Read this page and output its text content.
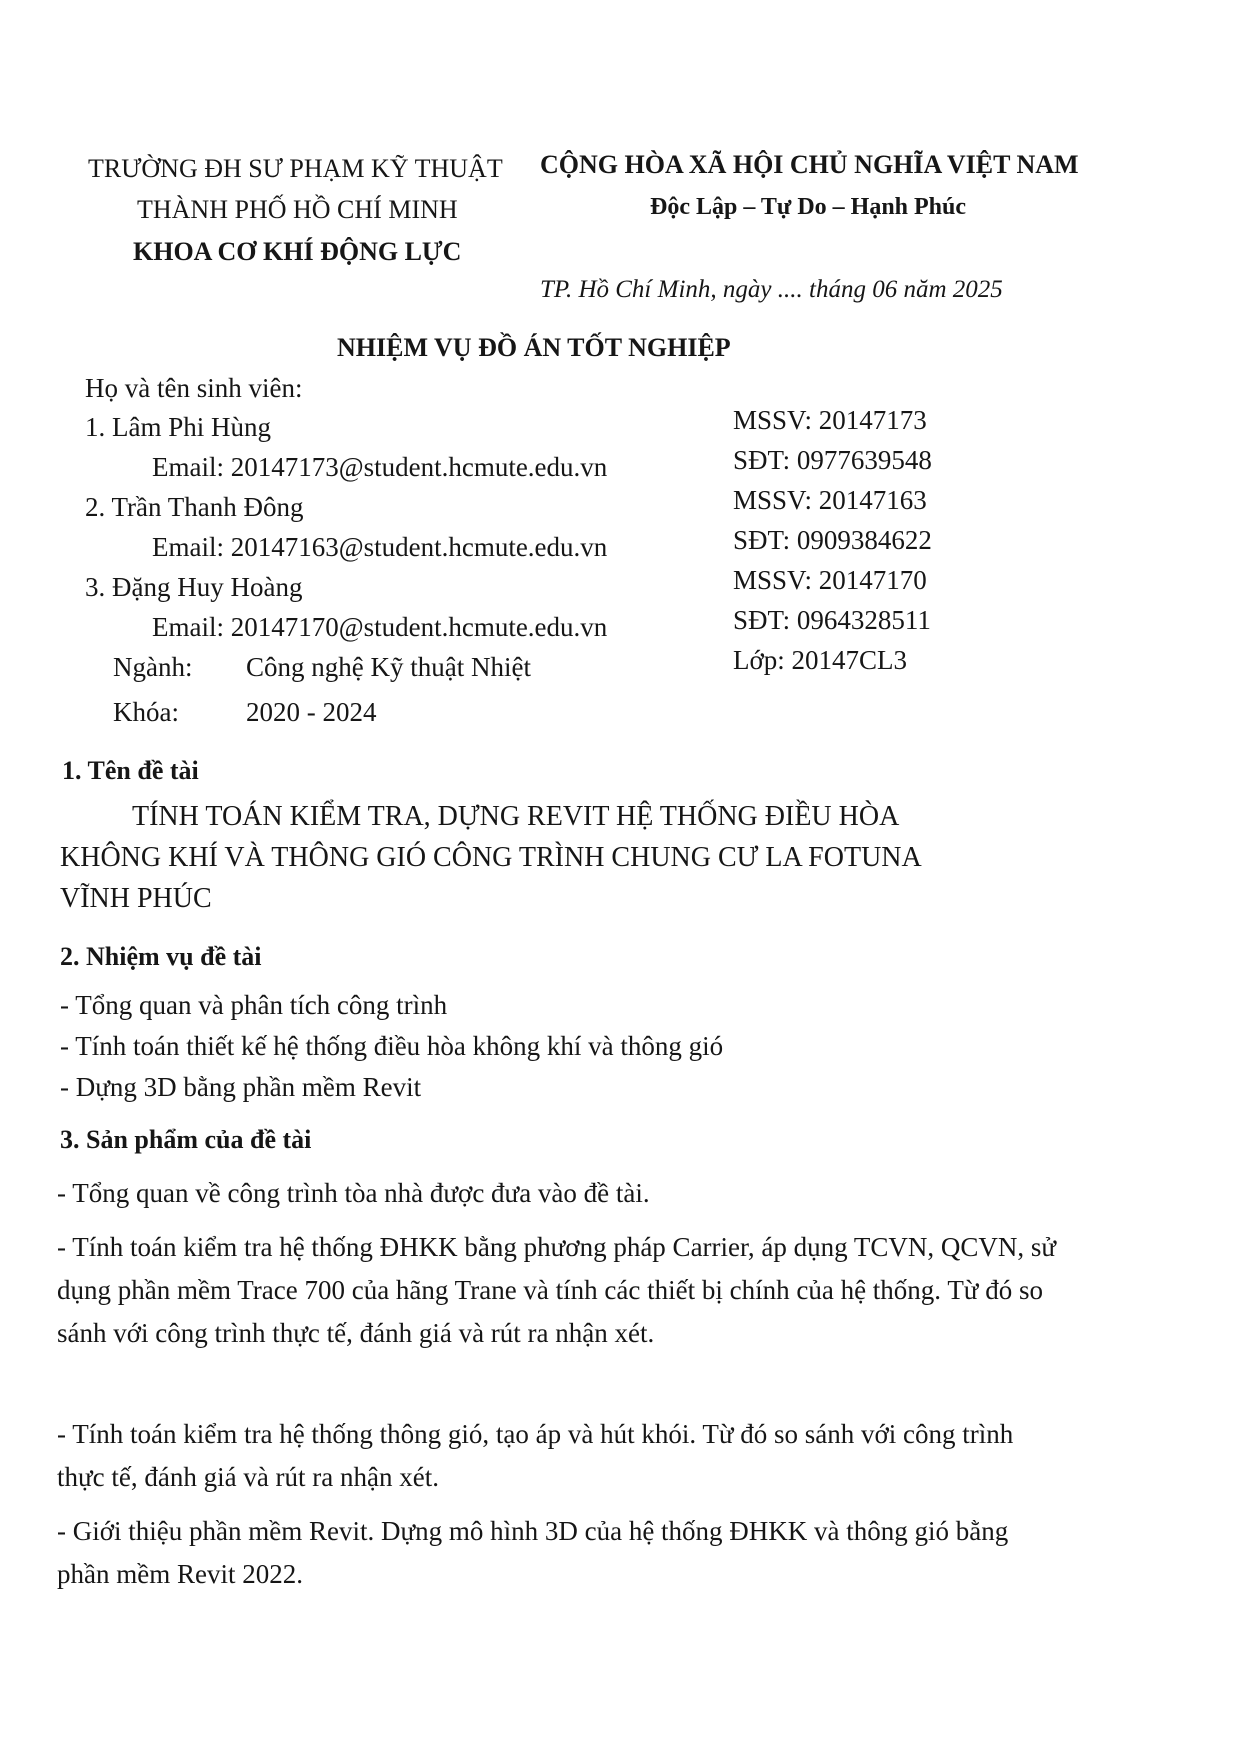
TRƯỜNG ĐH SƯ PHẠM KỸ THUẬT
THÀNH PHỐ HỒ CHÍ MINH
KHOA CƠ KHÍ ĐỘNG LỰC
CỘNG HÒA XÃ HỘI CHỦ NGHĨA VIỆT NAM
Độc Lập – Tự Do – Hạnh Phúc
TP. Hồ Chí Minh, ngày .... tháng 06 năm 2025
NHIỆM VỤ ĐỒ ÁN TỐT NGHIỆP
Họ và tên sinh viên:
1. Lâm Phi Hùng
Email: 20147173@student.hcmute.edu.vn
MSSV: 20147173
SĐT: 0977639548
2. Trần Thanh Đông
Email: 20147163@student.hcmute.edu.vn
MSSV: 20147163
SĐT: 0909384622
3. Đặng Huy Hoàng
Email: 20147170@student.hcmute.edu.vn
MSSV: 20147170
SĐT: 0964328511
Ngành: Công nghệ Kỹ thuật Nhiệt	Lớp: 20147CL3
Khóa: 2020 - 2024
1. Tên đề tài
TÍNH TOÁN KIỂM TRA, DỰNG REVIT HỆ THỐNG ĐIỀU HÒA
KHÔNG KHÍ VÀ THÔNG GIÓ CÔNG TRÌNH CHUNG CƯ LA FOTUNA
VĨNH PHÚC
2. Nhiệm vụ đề tài
- Tổng quan và phân tích công trình
- Tính toán thiết kế hệ thống điều hòa không khí và thông gió
- Dựng 3D bằng phần mềm Revit
3. Sản phẩm của đề tài
- Tổng quan về công trình tòa nhà được đưa vào đề tài.
- Tính toán kiểm tra hệ thống ĐHKK bằng phương pháp Carrier, áp dụng TCVN, QCVN, sử dụng phần mềm Trace 700 của hãng Trane và tính các thiết bị chính của hệ thống. Từ đó so sánh với công trình thực tế, đánh giá và rút ra nhận xét.
- Tính toán kiểm tra hệ thống thông gió, tạo áp và hút khói. Từ đó so sánh với công trình thực tế, đánh giá và rút ra nhận xét.
- Giới thiệu phần mềm Revit. Dựng mô hình 3D của hệ thống ĐHKK và thông gió bằng phần mềm Revit 2022.
